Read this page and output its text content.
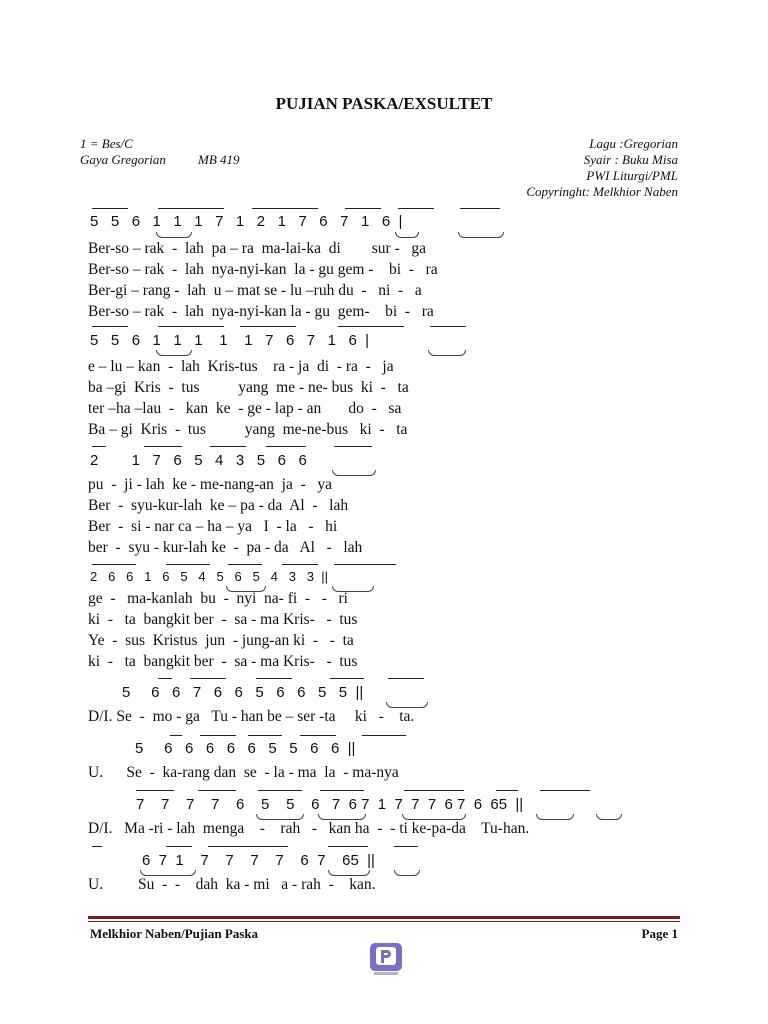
PUJIAN PASKA/EXSULTET
1 = Bes/C
Gaya Gregorian MB 419
Lagu :Gregorian
Syair : Buku Misa
PWI Liturgi/PML
Copyringht: Melkhior Naben
5   5   6   1   1   1   7   1   2   1   7   6   7   1   6  |
Ber-so – rak  -  lah  pa – ra  ma-lai-ka  di        sur -   ga
Ber-so – rak  -  lah  nya-nyi-kan  la - gu gem -    bi  -   ra
Ber-gi – rang -  lah  u – mat se - lu –ruh du  -   ni  -   a
Ber-so – rak  -  lah  nya-nyi-kan la - gu  gem-    bi  -   ra
5   5   6   1   1   1    1    1   7   6   7   1   6  |
e – lu – kan  -  lah  Kris-tus    ra - ja  di  - ra  -   ja
ba –gi  Kris  -  tus          yang  me - ne- bus  ki  -   ta
ter –ha –lau  -   kan  ke  - ge - lap - an       do  -   sa
Ba – gi  Kris  -  tus          yang  me-ne-bus   ki  -   ta
2        1   7   6   5   4   3   5   6   6
pu  -  ji - lah  ke - me-nang-an  ja  -   ya
Ber  -  syu-kur-lah  ke – pa - da  Al  -   lah
Ber  -  si - nar ca – ha – ya   I  - la   -   hi
ber  -  syu - kur-lah ke  -  pa - da   Al   -   lah
2   6   6   1   6   5   4   5   6   5   4   3   3  ||
ge  -   ma-kanlah  bu  -  nyi  na- fi  -   -   ri
ki  -   ta  bangkit ber  -  sa - ma Kris-   -  tus
Ye  -  sus  Kristus  jun  - jung-an ki  -   -  ta
ki  -   ta  bangkit ber  -  sa - ma Kris-   -  tus
5     6   6   7   6   6   5   6   6   5   5  ||
D/I. Se  -  mo - ga   Tu - han be – ser -ta     ki   -    ta.
5     6   6   6   6   6   5   5   6   6  ||
U.      Se  -  ka-rang dan  se  - la - ma  la  - ma-nya
7    7    7    7    6    5    5    6   7  6 7  1  7  7  7  6 7  6  65  ||
D/I.   Ma -ri - lah  menga    -    rah   -   kan ha  -  - ti ke-pa-da    Tu-han.
6  7  1    7    7    7    7    6  7    65  ||
U.         Su  -  -    dah  ka - mi   a - rah  -    kan.
Melkhior Naben/Pujian Paska	Page 1
